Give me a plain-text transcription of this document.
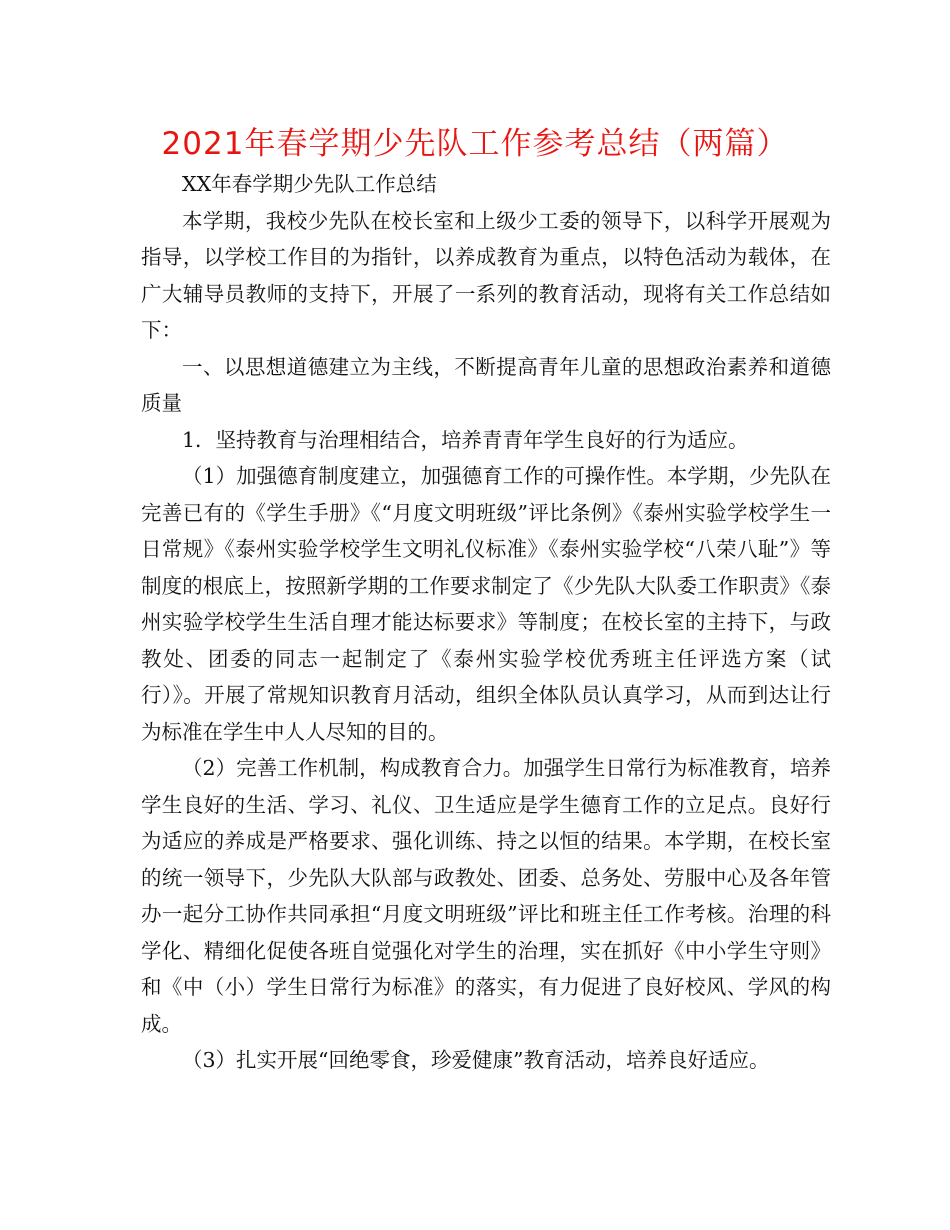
2021年春学期少先队工作参考总结（两篇）

XX年春学期少先队工作总结

本学期，我校少先队在校长室和上级少工委的领导下，以科学开展观为指导，以学校工作目的为指针，以养成教育为重点，以特色活动为载体，在广大辅导员教师的支持下，开展了一系列的教育活动，现将有关工作总结如下：

一、以思想道德建立为主线，不断提高青年儿童的思想政治素养和道德质量

1．坚持教育与治理相结合，培养青青年学生良好的行为适应。

（1）加强德育制度建立，加强德育工作的可操作性。本学期，少先队在完善已有的《学生手册》《“月度文明班级”评比条例》《泰州实验学校学生一日常规》《泰州实验学校学生文明礼仪标准》《泰州实验学校“八荣八耻”》等制度的根底上，按照新学期的工作要求制定了《少先队大队委工作职责》《泰州实验学校学生生活自理才能达标要求》等制度；在校长室的主持下，与政教处、团委的同志一起制定了《泰州实验学校优秀班主任评选方案（试行）》。开展了常规知识教育月活动，组织全体队员认真学习，从而到达让行为标准在学生中人人尽知的目的。

（2）完善工作机制，构成教育合力。加强学生日常行为标准教育，培养学生良好的生活、学习、礼仪、卫生适应是学生德育工作的立足点。良好行为适应的养成是严格要求、强化训练、持之以恒的结果。本学期，在校长室的统一领导下，少先队大队部与政教处、团委、总务处、劳服中心及各年管办一起分工协作共同承担“月度文明班级”评比和班主任工作考核。治理的科学化、精细化促使各班自觉强化对学生的治理，实在抓好《中小学生守则》和《中（小）学生日常行为标准》的落实，有力促进了良好校风、学风的构成。

（3）扎实开展“回绝零食，珍爱健康”教育活动，培养良好适应。
